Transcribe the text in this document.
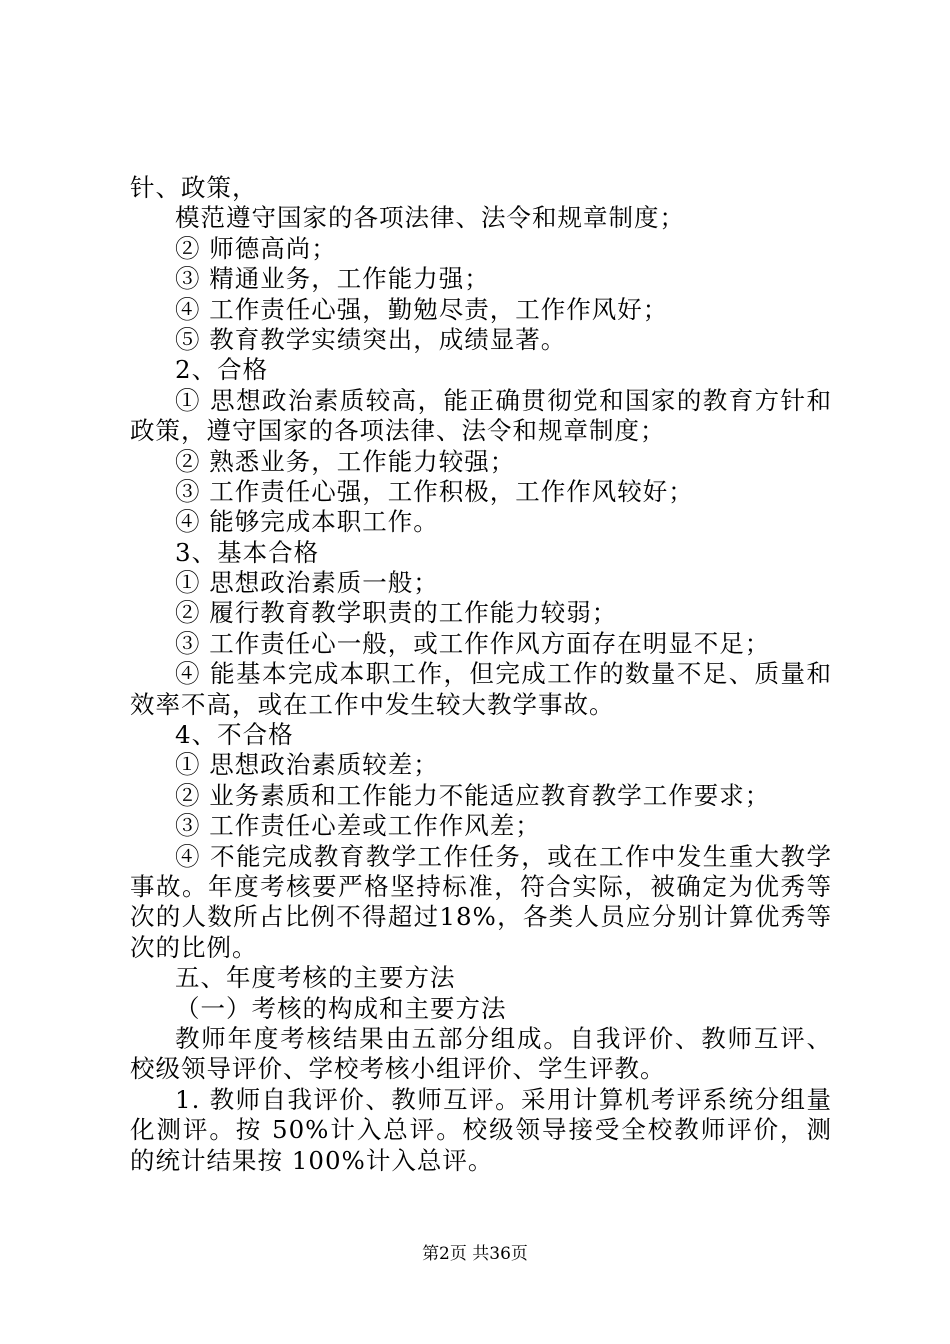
针、政策，
模范遵守国家的各项法律、法令和规章制度；
② 师德高尚；
③ 精通业务，工作能力强；
④ 工作责任心强，勤勉尽责，工作作风好；
⑤ 教育教学实绩突出，成绩显著。
2、合格
① 思想政治素质较高，能正确贯彻党和国家的教育方针和
政策，遵守国家的各项法律、法令和规章制度；
② 熟悉业务，工作能力较强；
③ 工作责任心强，工作积极，工作作风较好；
④ 能够完成本职工作。
3、基本合格
① 思想政治素质一般；
② 履行教育教学职责的工作能力较弱；
③ 工作责任心一般，或工作作风方面存在明显不足；
④ 能基本完成本职工作，但完成工作的数量不足、质量和
效率不高，或在工作中发生较大教学事故。
4、不合格
① 思想政治素质较差；
② 业务素质和工作能力不能适应教育教学工作要求；
③ 工作责任心差或工作作风差；
④ 不能完成教育教学工作任务，或在工作中发生重大教学
事故。年度考核要严格坚持标准，符合实际，被确定为优秀等
次的人数所占比例不得超过18%，各类人员应分别计算优秀等
次的比例。
五、年度考核的主要方法
（一）考核的构成和主要方法
教师年度考核结果由五部分组成。自我评价、教师互评、
校级领导评价、学校考核小组评价、学生评教。
1. 教师自我评价、教师互评。采用计算机考评系统分组量
化测评。按 50%计入总评。校级领导接受全校教师评价，测
的统计结果按 100%计入总评。
第2页 共36页
